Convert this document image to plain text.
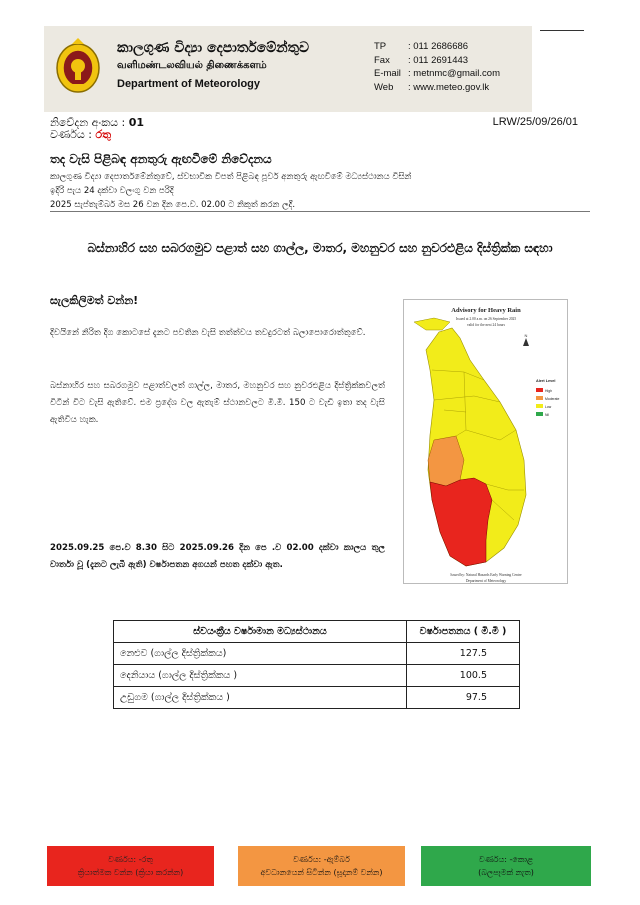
කාලගුණ විද්‍යා දෙපාර්තමේන්තුව
வளிமண்டலவியல் திணைக்களம்
Department of Meteorology
TP	: 011 2686686
Fax	: 011 2691443
E-mail : metnmc@gmail.com
Web	: www.meteo.gov.lk
නිවේදන අංකය : 01	LRW/25/09/26/01
වර්ණය : රතු
තද වැසි පිළිබඳ අනතුරු ඇඟවීමේ නිවේදනය
කාලගුණ විද්‍යා දෙපාර්තමේන්තුවේ, ස්වභාවික විපත් පිළිබඳ පූර්ව අනතුරු ඇඟවීමේ මධ්‍යස්ථානය විසින්
ඉදිරි පැය 24 දක්වා වලංගු වන පරිදි
2025 සැප්තැම්බර් මස 26 වන දින පෙ.ව. 02.00 ට නිකුත් කරන ලදී.
බස්නාහිර සහ සබරගමුව පළාත් සහ ගාල්ල, මාතර, මහනුවර සහ නුවරඑළිය දිස්ත්‍රික්ක සඳහා
සැලකිලිමත් වන්න!
දිවයිනේ නිරිත දිග කොටසේ දැනට පවතින වැසි තත්ත්වය තවදුරටත් බලාපොරොත්තුවේ.
බස්නාහිර සහ සබරගමුව පළාත්වලත් ගාල්ල, මාතර, මහනුවර සහ නුවරඑළිය දිස්ත්‍රික්කවලත් විටින් විට වැසි ඇතිවේ. එම ප්‍රදේශ වල ඇතැම් ස්ථානවලට මි.මී. 150 ට වැඩි ඉතා තද වැසි ඇතිවිය හැක.
2025.09.25 පෙ.ව 8.30 සිට 2025.09.26 දින පෙ .ව 02.00 දක්වා කාලය තුල වාර්තා වූ (දැනට ලැබී ඇති) වර්ෂාපතන අගයන් පහත දක්වා ඇත.
Advisory for Heavy Rain
Issued at 2.00 a.m. on 26 September 2025
valid for the next 24 hours
N
Alert Level
High
Moderate
Low
Nil
Issued by: Natural Hazards Early Warning Centre
Department of Meteorology
ස්වයංක්‍රීය වර්ෂාමාන මධ්‍යස්ථානය	වර්ෂාපතනය ( මි.මී )
නෙළුව (ගාල්ල දිස්ත්‍රික්කය)	127.5
දෙනියාය (ගාල්ල දිස්ත්‍රික්කය )	100.5
උඩුගම (ගාල්ල දිස්ත්‍රික්කය )	97.5
වර්ණය: -රතු
ක්‍රියාත්මක වන්න (ක්‍රියා කරන්න)
වර්ණය: -ඇම්බර්
අවධානයෙන් සිටින්න (සූදානම් වන්න)
වර්ණය: -කොළ
(බලපෑමක් නැත)
